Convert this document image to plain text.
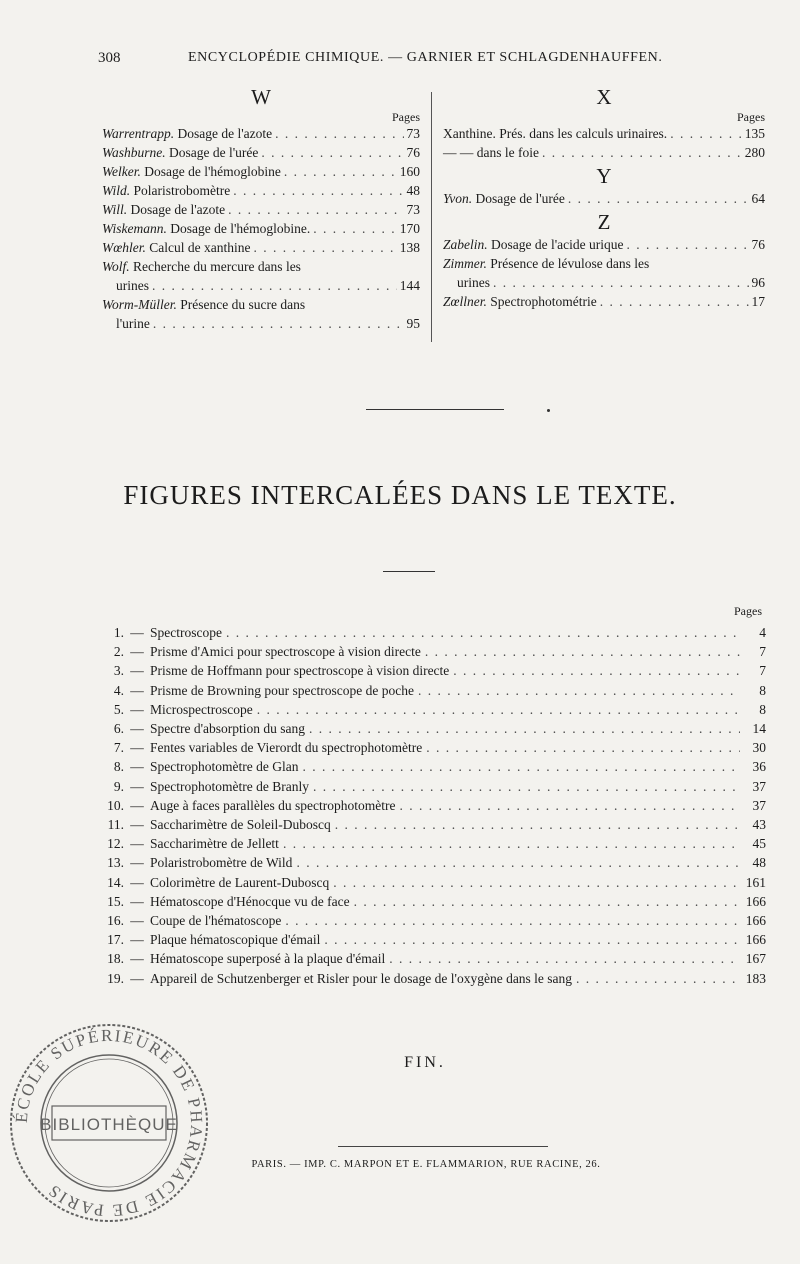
308	ENCYCLOPÉDIE CHIMIQUE. — GARNIER ET SCHLAGDENHAUFFEN.
W
Pages
Warrentrapp. Dosage de l'azote . . .	73
Washburne. Dosage de l'urée . . .	76
Welker. Dosage de l'hémoglobine . . .	160
Wild. Polaristrobomètre . . .	48
Will. Dosage de l'azote . . .	73
Wiskemann. Dosage de l'hémoglobine. . . .	170
Wœhler. Calcul de xanthine . . .	138
Wolf. Recherche du mercure dans les
urines . . .	144
Worm-Müller. Présence du sucre dans
l'urine . . .	95
X
Pages
Xanthine. Prés. dans les calculs urinaires. . . .	135
— — dans le foie . . .	280
Y
Yvon. Dosage de l'urée . . .	64
Z
Zabelin. Dosage de l'acide urique . . .	76
Zimmer. Présence de lévulose dans les
urines . . .	96
Zœllner. Spectrophotométrie . . .	17
FIGURES INTERCALÉES DANS LE TEXTE.
Pages
1. — Spectroscope . . .	4
2. — Prisme d'Amici pour spectroscope à vision directe . . .	7
3. — Prisme de Hoffmann pour spectroscope à vision directe . . .	7
4. — Prisme de Browning pour spectroscope de poche . . .	8
5. — Microspectroscope . . .	8
6. — Spectre d'absorption du sang . . .	14
7. — Fentes variables de Vierordt du spectrophotomètre . . .	30
8. — Spectrophotomètre de Glan . . .	36
9. — Spectrophotomètre de Branly . . .	37
10. — Auge à faces parallèles du spectrophotomètre . . .	37
11. — Saccharimètre de Soleil-Duboscq . . .	43
12. — Saccharimètre de Jellett . . .	45
13. — Polaristrobomètre de Wild . . .	48
14. — Colorimètre de Laurent-Duboscq . . .	161
15. — Hématoscope d'Hénocque vu de face . . .	166
16. — Coupe de l'hématoscope . . .	166
17. — Plaque hématoscopique d'émail . . .	166
18. — Hématoscope superposé à la plaque d'émail . . .	167
19. — Appareil de Schutzenberger et Risler pour le dosage de l'oxygène dans le sang . . .	183
FIN.
PARIS. — IMP. C. MARPON ET E. FLAMMARION, RUE RACINE, 26.
ÉCOLE SUPÉRIEURE DE PHARMACIE DE PARIS
BIBLIOTHÈQUE
